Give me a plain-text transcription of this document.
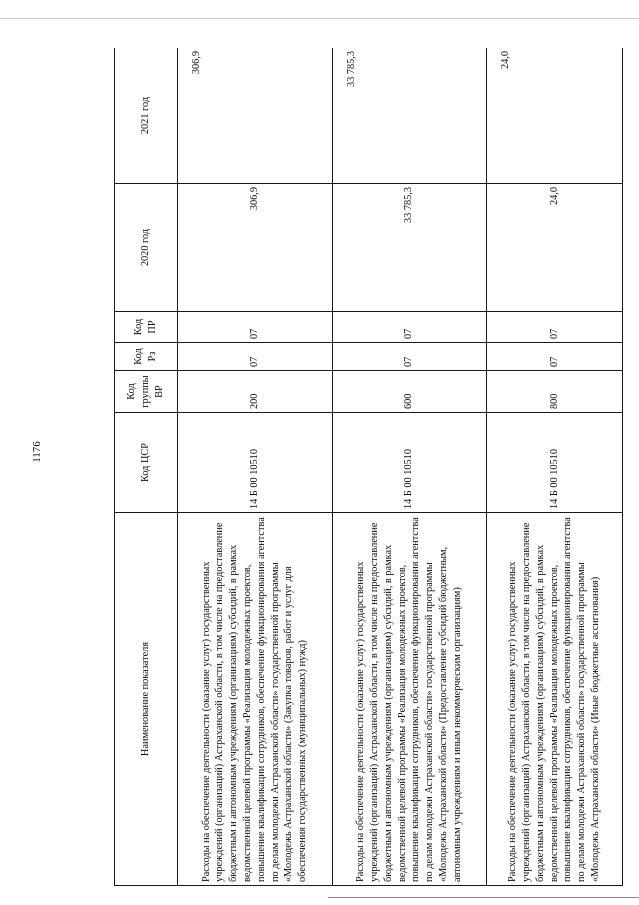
1176
Наименование показателя	Код ЦСР	Код группы ВР	Код Рз	Код ПР	2020 год	2021 год
Расходы на обеспечение деятельности (оказание услуг) государственных учреждений (организаций) Астраханской области, в том числе на предоставление бюджетным и автономным учреждениям (организациям) субсидий, в рамках ведомственной целевой программы «Реализация молодежных проектов, повышение квалификации сотрудников, обеспечение функционирования агентства по делам молодежи Астраханской области» государственной программы «Молодежь Астраханской области» (Закупка товаров, работ и услуг для обеспечения государственных (муниципальных) нужд)	14 Б 00 10510	200	07	07	306,9	306,9
Расходы на обеспечение деятельности (оказание услуг) государственных учреждений (организаций) Астраханской области, в том числе на предоставление бюджетным и автономным учреждениям (организациям) субсидий, в рамках ведомственной целевой программы «Реализация молодежных проектов, повышение квалификации сотрудников, обеспечение функционирования агентства по делам молодежи Астраханской области» государственной программы «Молодежь Астраханской области» (Предоставление субсидий бюджетным, автономным учреждениям и иным некоммерческим организациям)	14 Б 00 10510	600	07	07	33 785,3	33 785,3
Расходы на обеспечение деятельности (оказание услуг) государственных учреждений (организаций) Астраханской области, в том числе на предоставление бюджетным и автономным учреждениям (организациям) субсидий, в рамках ведомственной целевой программы «Реализация молодежных проектов, повышение квалификации сотрудников, обеспечение функционирования агентства по делам молодежи Астраханской области» государственной программы «Молодежь Астраханской области» (Иные бюджетные ассигнования)	14 Б 00 10510	800	07	07	24,0	24,0
